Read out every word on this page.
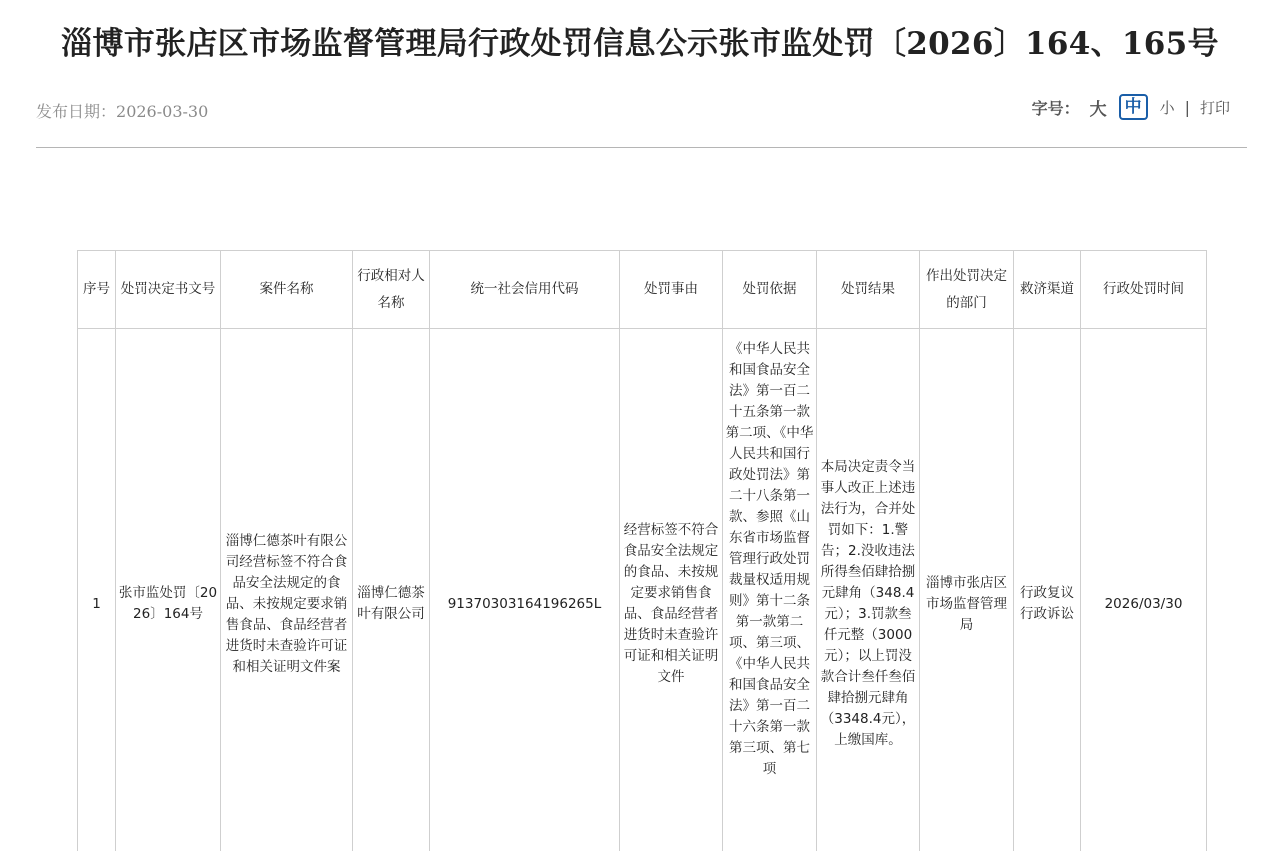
淄博市张店区市场监督管理局行政处罚信息公示张市监处罚〔2026〕164、165号
发布日期：2026-03-30	字号： 大	中	小 | 打印
序号	处罚决定书文号	案件名称	行政相对人名称	统一社会信用代码	处罚事由	处罚依据	处罚结果	作出处罚决定的部门	救济渠道	行政处罚时间
1	张市监处罚〔2026〕164号	淄博仁德茶叶有限公司经营标签不符合食品安全法规定的食品、未按规定要求销售食品、食品经营者进货时未查验许可证和相关证明文件案	淄博仁德茶叶有限公司	91370303164196265L	经营标签不符合食品安全法规定的食品、未按规定要求销售食品、食品经营者进货时未查验许可证和相关证明文件	《中华人民共和国食品安全法》第一百二十五条第一款第二项、《中华人民共和国行政处罚法》第二十八条第一款、参照《山东省市场监督管理行政处罚裁量权适用规则》第十二条第一款第二项、第三项、《中华人民共和国食品安全法》第一百二十六条第一款第三项、第七项	本局决定责令当事人改正上述违法行为，合并处罚如下：1.警告；2.没收违法所得叁佰肆拾捌元肆角（348.4元）；3.罚款叁仟元整（3000元）；以上罚没款合计叁仟叁佰肆拾捌元肆角（3348.4元），上缴国库。	淄博市张店区市场监督管理局	行政复议行政诉讼	2026/03/30
